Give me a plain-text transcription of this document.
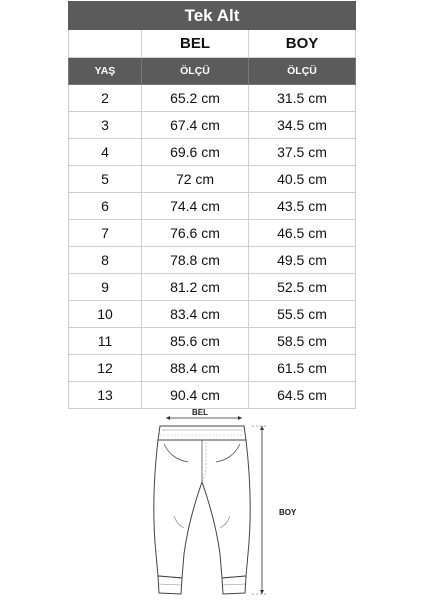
Tek Alt		
	BEL	BOY
YAŞ	ÖLÇÜ	ÖLÇÜ
2	65.2 cm	31.5 cm
3	67.4 cm	34.5 cm
4	69.6 cm	37.5 cm
5	72 cm	40.5 cm
6	74.4 cm	43.5 cm
7	76.6 cm	46.5 cm
8	78.8 cm	49.5 cm
9	81.2 cm	52.5 cm
10	83.4 cm	55.5 cm
11	85.6 cm	58.5 cm
12	88.4 cm	61.5 cm
13	90.4 cm	64.5 cm
BEL
BOY
